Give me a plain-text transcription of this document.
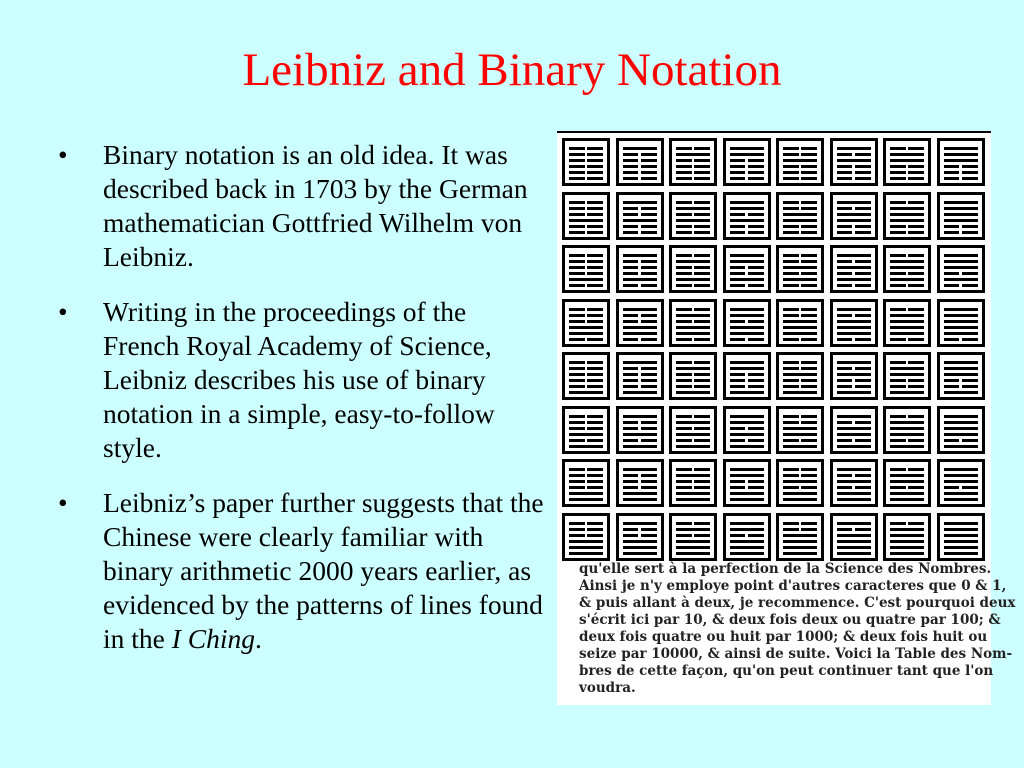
Leibniz and Binary Notation
• Binary notation is an old idea. It was described back in 1703 by the German mathematician Gottfried Wilhelm von Leibniz.
• Writing in the proceedings of the French Royal Academy of Science, Leibniz describes his use of binary notation in a simple, easy-to-follow style.
• Leibniz’s paper further suggests that the Chinese were clearly familiar with binary arithmetic 2000 years earlier, as evidenced by the patterns of lines found in the I Ching.
qu'elle sert à la perfection de la Science des Nombres.
Ainsi je n'y employe point d'autres caracteres que 0 & 1,
& puis allant à deux, je recommence. C'est pourquoi deux
s'écrit ici par 10, & deux fois deux ou quatre par 100; &
deux fois quatre ou huit par 1000; & deux fois huit ou
seize par 10000, & ainsi de suite. Voici la Table des Nom-
bres de cette façon, qu'on peut continuer tant que l'on
voudra.
